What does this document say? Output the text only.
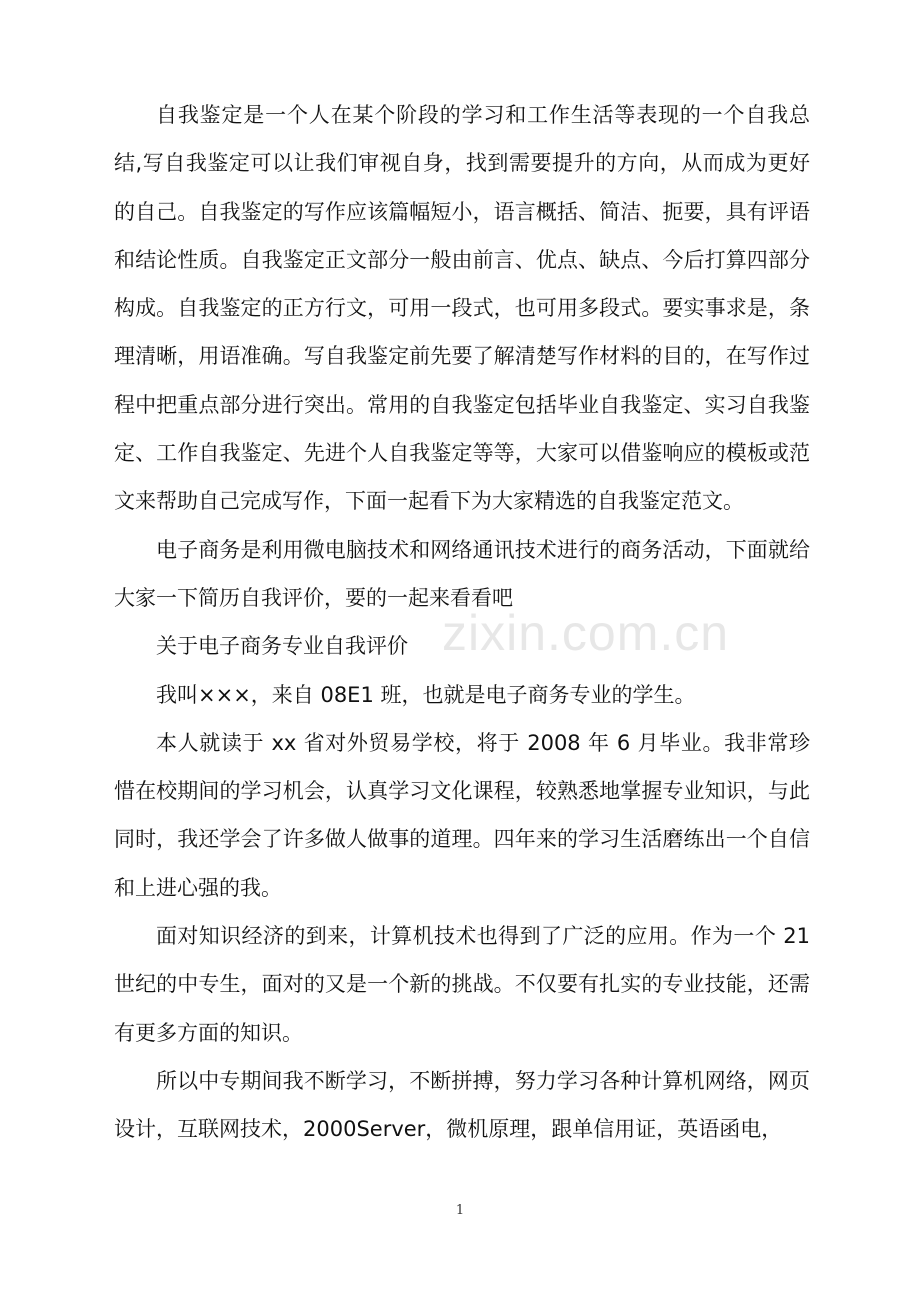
自我鉴定是一个人在某个阶段的学习和工作生活等表现的一个自我总结,写自我鉴定可以让我们审视自身，找到需要提升的方向，从而成为更好的自己。自我鉴定的写作应该篇幅短小，语言概括、简洁、扼要，具有评语和结论性质。自我鉴定正文部分一般由前言、优点、缺点、今后打算四部分构成。自我鉴定的正方行文，可用一段式，也可用多段式。要实事求是，条理清晰，用语准确。写自我鉴定前先要了解清楚写作材料的目的，在写作过程中把重点部分进行突出。常用的自我鉴定包括毕业自我鉴定、实习自我鉴定、工作自我鉴定、先进个人自我鉴定等等，大家可以借鉴响应的模板或范文来帮助自己完成写作，下面一起看下为大家精选的自我鉴定范文。

电子商务是利用微电脑技术和网络通讯技术进行的商务活动，下面就给大家一下简历自我评价，要的一起来看看吧

关于电子商务专业自我评价

我叫×××，来自 08E1 班，也就是电子商务专业的学生。

本人就读于 xx 省对外贸易学校，将于 2008 年 6 月毕业。我非常珍惜在校期间的学习机会，认真学习文化课程，较熟悉地掌握专业知识，与此同时，我还学会了许多做人做事的道理。四年来的学习生活磨练出一个自信和上进心强的我。

面对知识经济的到来，计算机技术也得到了广泛的应用。作为一个 21 世纪的中专生，面对的又是一个新的挑战。不仅要有扎实的专业技能，还需有更多方面的知识。

所以中专期间我不断学习，不断拼搏，努力学习各种计算机网络，网页设计，互联网技术，2000Server，微机原理，跟单信用证，英语函电，

zixin.com.cn
1
